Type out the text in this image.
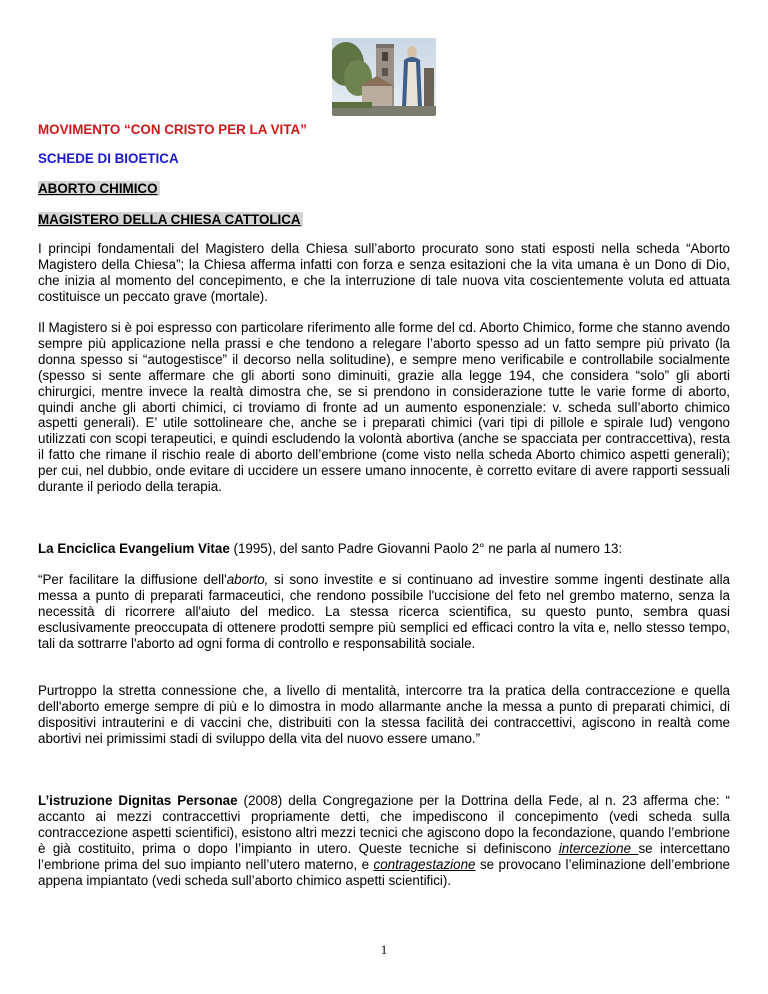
MOVIMENTO “CON CRISTO PER LA VITA”

SCHEDE DI BIOETICA

ABORTO CHIMICO

MAGISTERO DELLA CHIESA CATTOLICA

I principi fondamentali del Magistero della Chiesa sull’aborto procurato sono stati esposti nella scheda “Aborto Magistero della Chiesa”; la Chiesa afferma infatti con forza e senza esitazioni che la vita umana è un Dono di Dio, che inizia al momento del concepimento, e che la interruzione di tale nuova vita coscientemente voluta ed attuata costituisce un peccato grave (mortale).

Il Magistero si è poi espresso con particolare riferimento alle forme del cd. Aborto Chimico, forme che stanno avendo sempre più applicazione nella prassi e che tendono a relegare l’aborto spesso ad un fatto sempre più privato (la donna spesso si “autogestisce” il decorso nella solitudine), e sempre meno verificabile e controllabile socialmente (spesso si sente affermare che gli aborti sono diminuiti, grazie alla legge 194, che considera “solo” gli aborti chirurgici, mentre invece la realtà dimostra che, se si prendono in considerazione tutte le varie forme di aborto, quindi anche gli aborti chimici, ci troviamo di fronte ad un aumento esponenziale: v. scheda sull’aborto chimico aspetti generali). E’ utile sottolineare che, anche se i preparati chimici (vari tipi di pillole e spirale Iud) vengono utilizzati con scopi terapeutici, e quindi escludendo la volontà abortiva (anche se spacciata per contraccettiva), resta il fatto che rimane il rischio reale di aborto dell’embrione (come visto nella scheda Aborto chimico aspetti generali); per cui, nel dubbio, onde evitare di uccidere un essere umano innocente, è corretto evitare di avere rapporti sessuali durante il periodo della terapia.

La Enciclica Evangelium Vitae (1995), del santo Padre Giovanni Paolo 2° ne parla al numero 13:

“Per facilitare la diffusione dell'aborto, si sono investite e si continuano ad investire somme ingenti destinate alla messa a punto di preparati farmaceutici, che rendono possibile l'uccisione del feto nel grembo materno, senza la necessità di ricorrere all'aiuto del medico. La stessa ricerca scientifica, su questo punto, sembra quasi esclusivamente preoccupata di ottenere prodotti sempre più semplici ed efficaci contro la vita e, nello stesso tempo, tali da sottrarre l'aborto ad ogni forma di controllo e responsabilità sociale.

Purtroppo la stretta connessione che, a livello di mentalità, intercorre tra la pratica della contraccezione e quella dell'aborto emerge sempre di più e lo dimostra in modo allarmante anche la messa a punto di preparati chimici, di dispositivi intrauterini e di vaccini che, distribuiti con la stessa facilità dei contraccettivi, agiscono in realtà come abortivi nei primissimi stadi di sviluppo della vita del nuovo essere umano.”

L’istruzione Dignitas Personae (2008) della Congregazione per la Dottrina della Fede, al n. 23 afferma che: “ accanto ai mezzi contraccettivi propriamente detti, che impediscono il concepimento (vedi scheda sulla contraccezione aspetti scientifici), esistono altri mezzi tecnici che agiscono dopo la fecondazione, quando l’embrione è già costituito, prima o dopo l’impianto in utero. Queste tecniche si definiscono intercezione se intercettano l’embrione prima del suo impianto nell’utero materno, e contragestazione se provocano l’eliminazione dell’embrione appena impiantato (vedi scheda sull’aborto chimico aspetti scientifici).

1
